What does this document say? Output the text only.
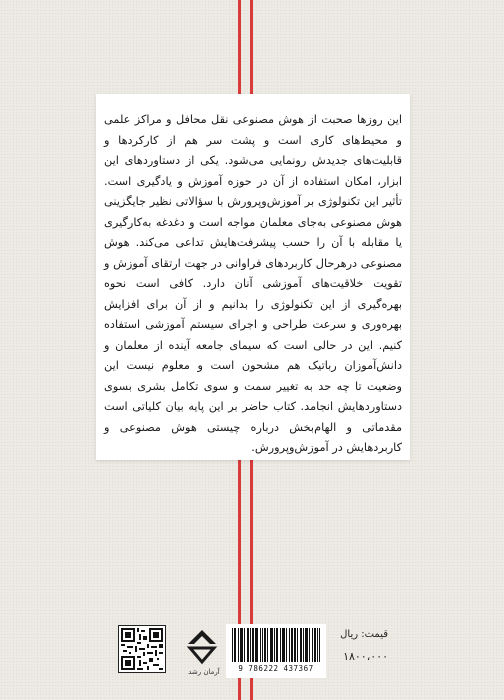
این روزها صحبت از هوش مصنوعی نقل محافل و مراکز علمی و محیط‌های کاری است و پشت سر هم از کارکردها و قابلیت‌های جدیدش رونمایی می‌شود. یکی از دستاوردهای این ابزار، امکان استفاده از آن در حوزه آموزش و یادگیری است. تأثیر این تکنولوژی بر آموزش‌وپرورش با سؤالاتی نظیر جایگزینی هوش مصنوعی به‌جای معلمان مواجه است و دغدغه به‌کارگیری یا مقابله با آن را حسب پیشرفت‌هایش تداعی می‌کند. هوش مصنوعی درهرحال کاربردهای فراوانی در جهت ارتقای آموزش و تقویت خلاقیت‌های آموزشی آنان دارد. کافی است نحوه بهره‌گیری از این تکنولوژی را بدانیم و از آن برای افزایش بهره‌وری و سرعت طراحی و اجرای سیستم آموزشی استفاده کنیم. این در حالی است که سیمای جامعه آینده از معلمان و دانش‌آموزان رباتیک هم مشحون است و معلوم نیست این وضعیت تا چه حد به تغییر سمت و سوی تکامل بشری بسوی دستاوردهایش انجامد. کتاب حاضر بر این پایه بیان کلیاتی است مقدماتی و الهام‌بخش درباره چیستی هوش مصنوعی و کاربردهایش در آموزش‌وپرورش.

آرمان رشد	9 786222 437367
قیمت: ریال
۱۸۰۰،۰۰۰
